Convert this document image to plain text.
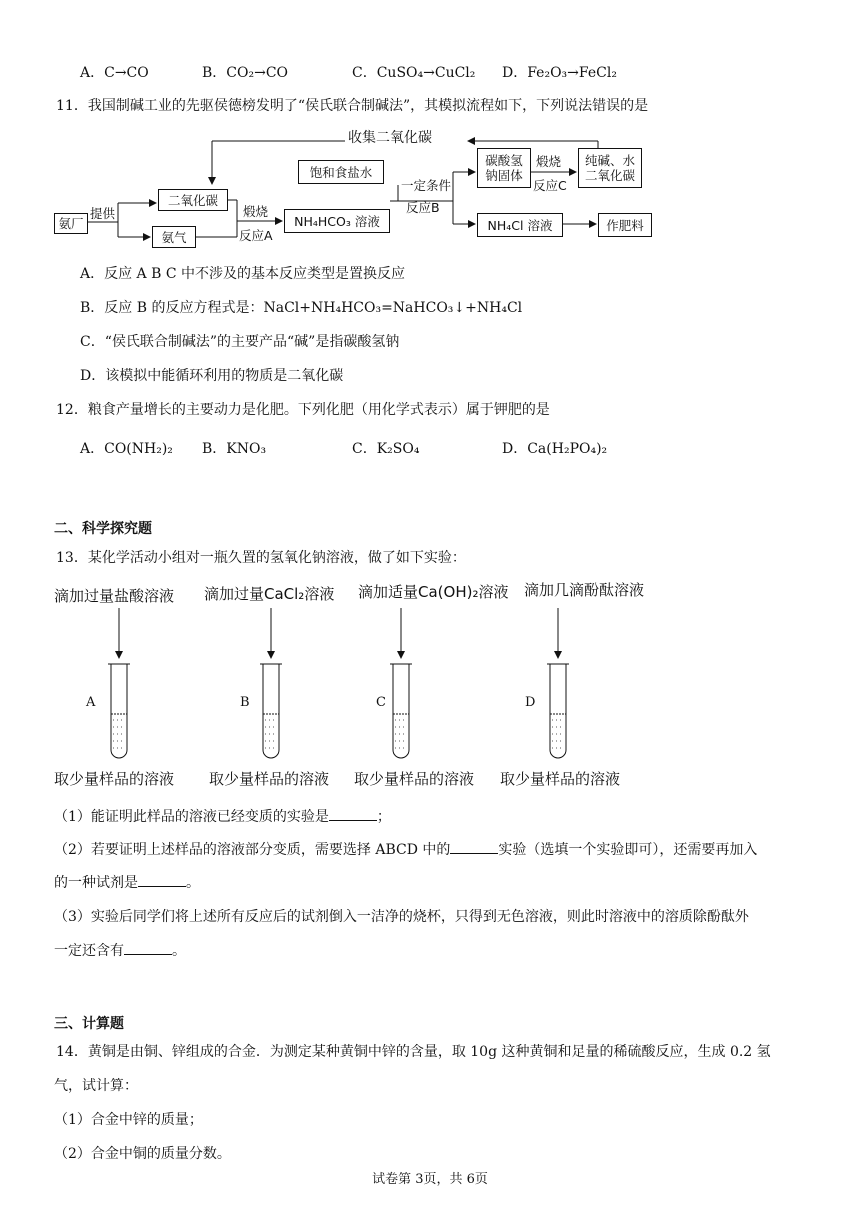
A．C→CO	B．CO₂→CO	C．CuSO₄→CuCl₂ D．Fe₂O₃→FeCl₂
11．我国制碱工业的先驱侯德榜发明了“侯氏联合制碱法”，其模拟流程如下，下列说法错误的是
收集二氧化碳
氨厂
提供
二氧化碳
氨气
煅烧
反应A
NH₄HCO₃ 溶液
饱和食盐水
一定条件
反应B
碳酸氢
钠固体
煅烧
反应C
纯碱、水
二氧化碳
NH₄Cl 溶液	作肥料
A．反应 A B C 中不涉及的基本反应类型是置换反应
B．反应 B 的反应方程式是：NaCl+NH₄HCO₃=NaHCO₃↓+NH₄Cl
C．“侯氏联合制碱法”的主要产品“碱”是指碳酸氢钠
D．该模拟中能循环利用的物质是二氧化碳
12．粮食产量增长的主要动力是化肥。下列化肥（用化学式表示）属于钾肥的是
A．CO(NH₂)₂ B．KNO₃	C．K₂SO₄	D．Ca(H₂PO₄)₂
二、科学探究题
13．某化学活动小组对一瓶久置的氢氧化钠溶液，做了如下实验：
滴加过量盐酸溶液 滴加过量CaCl₂溶液 滴加适量Ca(OH)₂溶液 滴加几滴酚酞溶液
A	B	C	D
取少量样品的溶液 取少量样品的溶液 取少量样品的溶液 取少量样品的溶液
（1）能证明此样品的溶液已经变质的实验是	；
（2）若要证明上述样品的溶液部分变质，需要选择 ABCD 中的	实验（选填一个实验即可），还需要再加入
的一种试剂是	。
（3）实验后同学们将上述所有反应后的试剂倒入一洁净的烧杯，只得到无色溶液，则此时溶液中的溶质除酚酞外
一定还含有	。
三、计算题
14．黄铜是由铜、锌组成的合金．为测定某种黄铜中锌的含量，取 10g 这种黄铜和足量的稀硫酸反应，生成 0.2 氢
气，试计算：
（1）合金中锌的质量；
（2）合金中铜的质量分数。
试卷第 3页，共 6页
